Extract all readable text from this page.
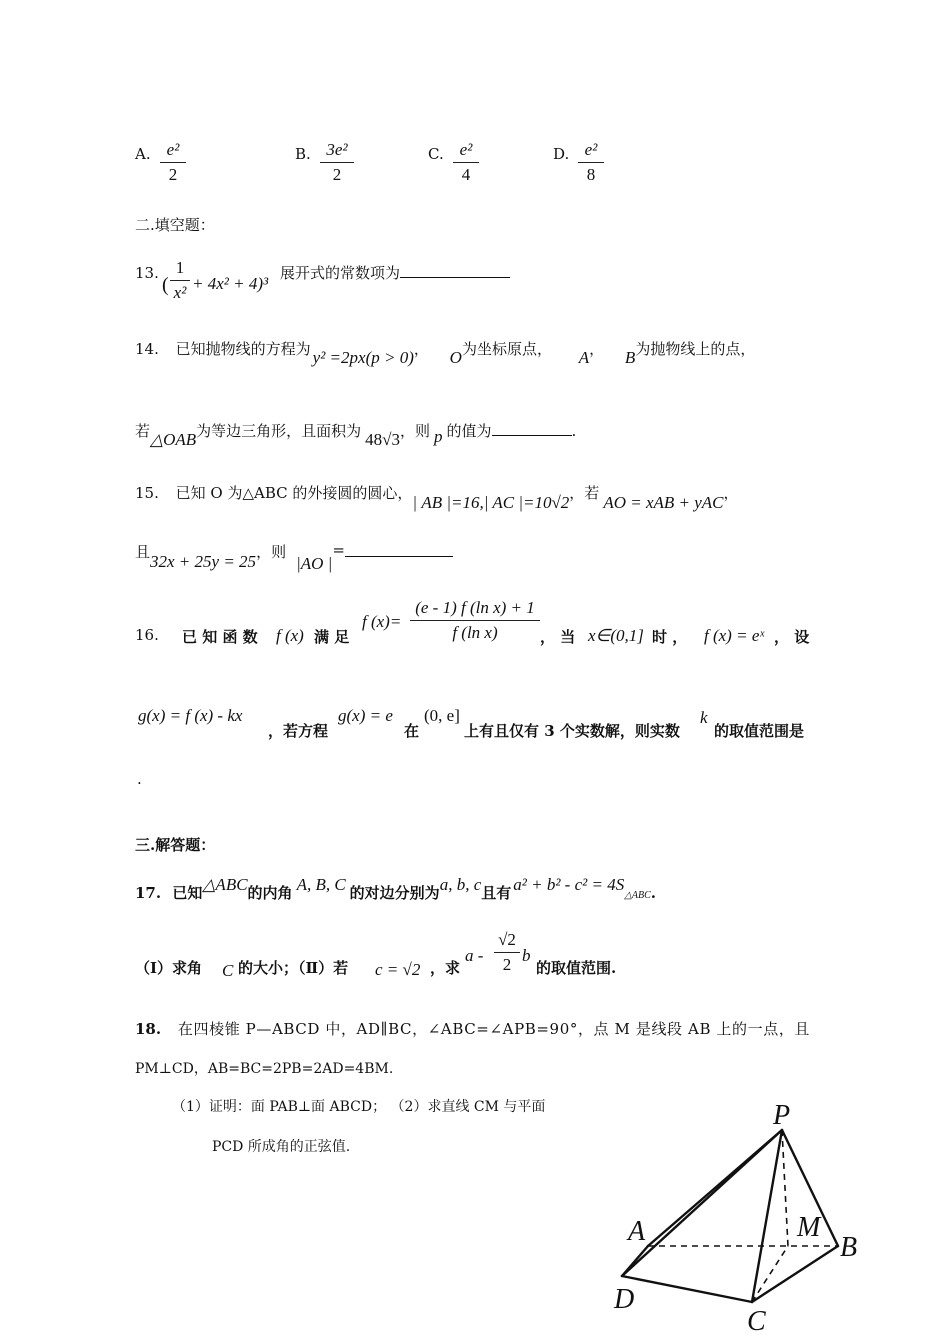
A. e²
2
B. 3e²
2
C. e²
4
D. e²
8
二.填空题：
13.
(
1
x² + 4x² + 4)³
展开式的常数项为
14. 已知抛物线的方程为 y² =2px(p > 0)， O为坐标原点， A， B为抛物线上的点，
若△OAB为等边三角形，且面积为 48√3，则 p 的值为	.
15. 已知 O 为△ABC 的外接圆的圆心，| AB |=16,| AC |=10√2，若 AO = xAB + yAC，
且32x + 25y = 25，则|AO |=
16. 已 知 函 数 f (x) 满 足
f (x)=
(e - 1) f (ln x) + 1
f (ln x)	， 当 x∈(0,1] 时 ， f (x) = eˣ ， 设
g(x) = f (x) - kx
，若方程
g(x) = e
在
(0, e]
上有且仅有 3 个实数解，则实数
k
的取值范围是
.
三.解答题：
17. 已知△ABC的内角 A, B, C 的对边分别为a, b, c且有 a² + b² - c² = 4S△ABC.
（Ⅰ）求角 C 的大小；（Ⅱ）若 c = √2 ，求
a -
√2
2 b
的取值范围.
18. 在四棱锥 P—ABCD 中，AD∥BC，∠ABC=∠APB=90°，点 M 是线段 AB 上的一点，且
PM⊥CD，AB=BC=2PB=2AD=4BM.
（1）证明：面 PAB⊥面 ABCD； （2）求直线 CM 与平面
PCD 所成角的正弦值.
P
A	M
B
D
C
